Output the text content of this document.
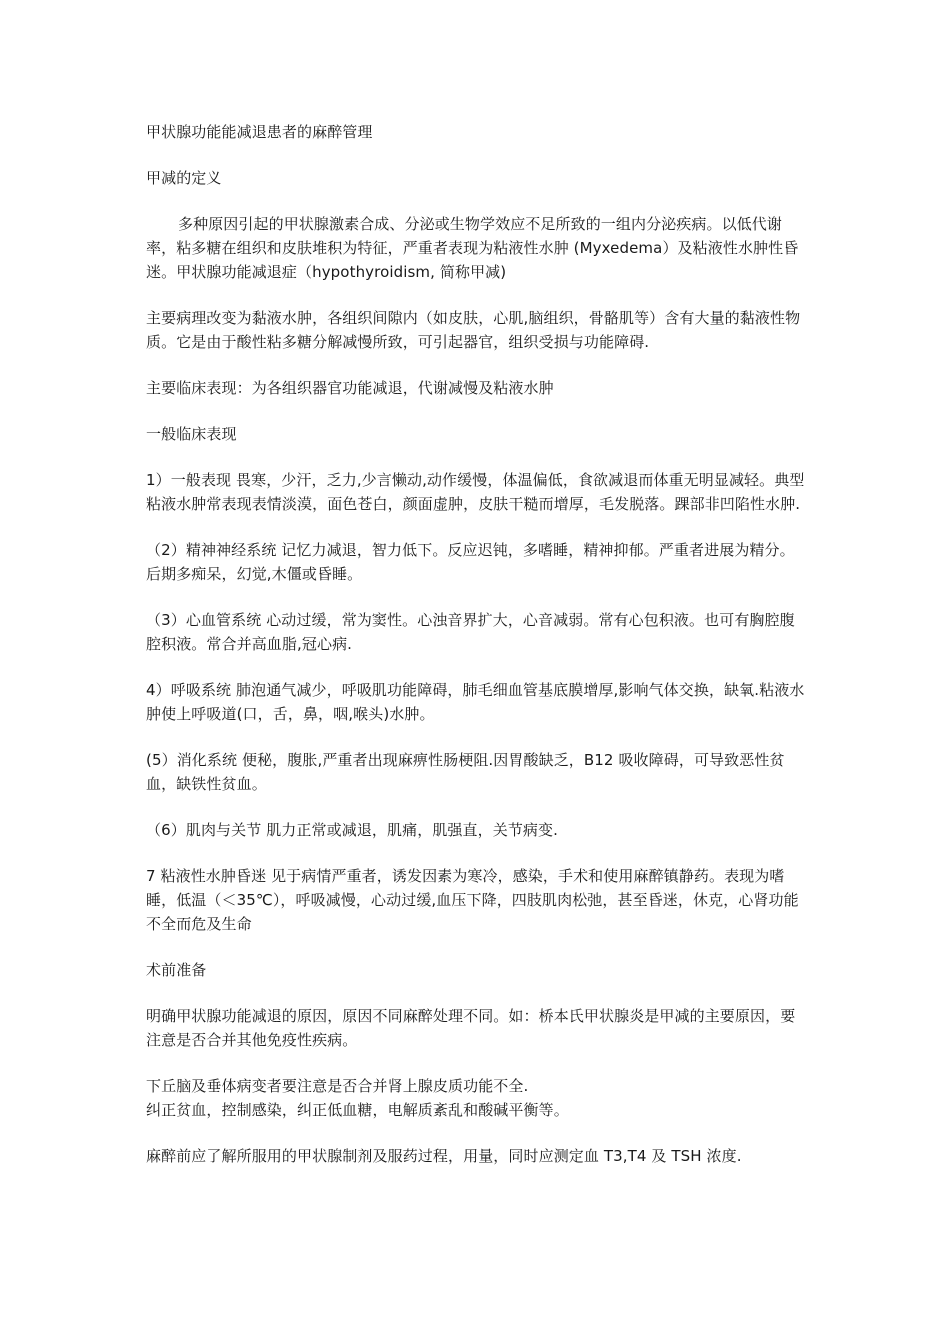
甲状腺功能能减退患者的麻醉管理

甲减的定义

多种原因引起的甲状腺激素合成、分泌或生物学效应不足所致的一组内分泌疾病。以低代谢率，粘多糖在组织和皮肤堆积为特征，严重者表现为粘液性水肿 (Myxedema）及粘液性水肿性昏迷。甲状腺功能减退症（hypothyroidism, 简称甲减)

主要病理改变为黏液水肿，各组织间隙内（如皮肤，心肌,脑组织，骨骼肌等）含有大量的黏液性物质。它是由于酸性粘多糖分解减慢所致，可引起器官，组织受损与功能障碍.

主要临床表现：为各组织器官功能减退，代谢减慢及粘液水肿

一般临床表现

1）一般表现 畏寒，少汗，乏力,少言懒动,动作缓慢，体温偏低，食欲减退而体重无明显减轻。典型粘液水肿常表现表情淡漠，面色苍白，颜面虚肿，皮肤干糙而增厚，毛发脱落。踝部非凹陷性水肿.

（2）精神神经系统 记忆力减退，智力低下。反应迟钝，多嗜睡，精神抑郁。严重者进展为精分。后期多痴呆，幻觉,木僵或昏睡。

（3）心血管系统 心动过缓，常为窦性。心浊音界扩大，心音减弱。常有心包积液。也可有胸腔腹腔积液。常合并高血脂,冠心病.

4）呼吸系统 肺泡通气减少，呼吸肌功能障碍，肺毛细血管基底膜增厚,影响气体交换，缺氧.粘液水肿使上呼吸道(口，舌，鼻，咽,喉头)水肿。

(5）消化系统 便秘，腹胀,严重者出现麻痹性肠梗阻.因胃酸缺乏，B12 吸收障碍，可导致恶性贫血，缺铁性贫血。

（6）肌肉与关节 肌力正常或减退，肌痛，肌强直，关节病变.

7 粘液性水肿昏迷 见于病情严重者，诱发因素为寒冷，感染，手术和使用麻醉镇静药。表现为嗜睡，低温（＜35℃），呼吸减慢，心动过缓,血压下降，四肢肌肉松弛，甚至昏迷，休克，心肾功能不全而危及生命

术前准备

明确甲状腺功能减退的原因，原因不同麻醉处理不同。如：桥本氏甲状腺炎是甲减的主要原因，要注意是否合并其他免疫性疾病。

下丘脑及垂体病变者要注意是否合并肾上腺皮质功能不全.

纠正贫血，控制感染，纠正低血糖，电解质紊乱和酸碱平衡等。

麻醉前应了解所服用的甲状腺制剂及服药过程，用量，同时应测定血 T3,T4 及 TSH 浓度.
